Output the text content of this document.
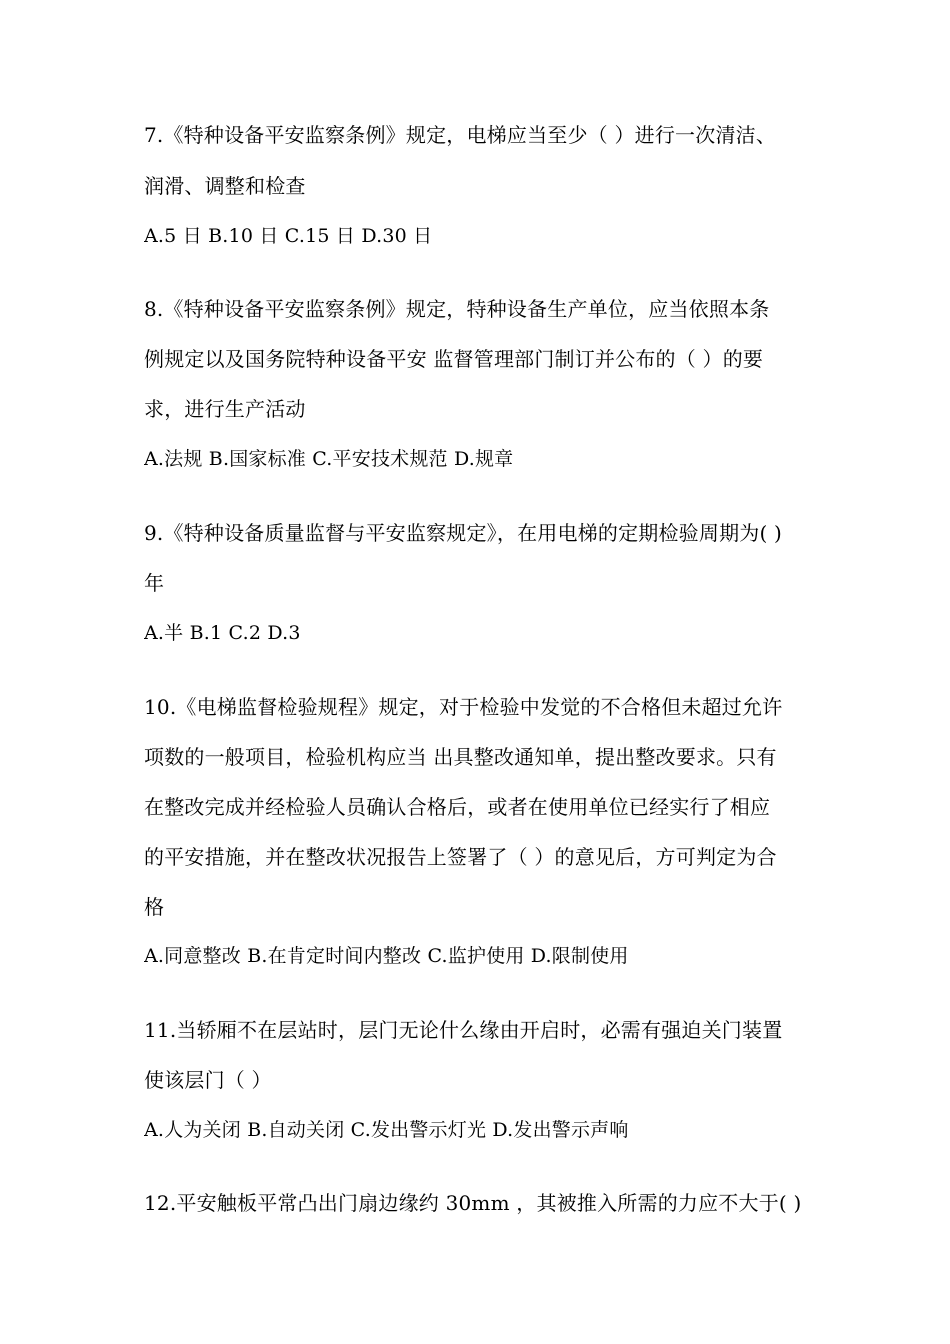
7.《特种设备平安监察条例》规定，电梯应当至少（ ）进行一次清洁、
润滑、调整和检查
A.5 日 B.10 日 C.15 日 D.30 日
8.《特种设备平安监察条例》规定，特种设备生产单位，应当依照本条
例规定以及国务院特种设备平安 监督管理部门制订并公布的（ ）的要
求，进行生产活动
A.法规 B.国家标准 C.平安技术规范 D.规章
9.《特种设备质量监督与平安监察规定》，在用电梯的定期检验周期为( )
年
A.半 B.1 C.2 D.3
10.《电梯监督检验规程》规定，对于检验中发觉的不合格但未超过允许
项数的一般项目，检验机构应当 出具整改通知单，提出整改要求。只有
在整改完成并经检验人员确认合格后，或者在使用单位已经实行了相应
的平安措施，并在整改状况报告上签署了（ ）的意见后，方可判定为合
格
A.同意整改 B.在肯定时间内整改 C.监护使用 D.限制使用
11.当轿厢不在层站时，层门无论什么缘由开启时，必需有强迫关门装置
使该层门（ ）
A.人为关闭 B.自动关闭 C.发出警示灯光 D.发出警示声响
12.平安触板平常凸出门扇边缘约 30mm ，其被推入所需的力应不大于( )
